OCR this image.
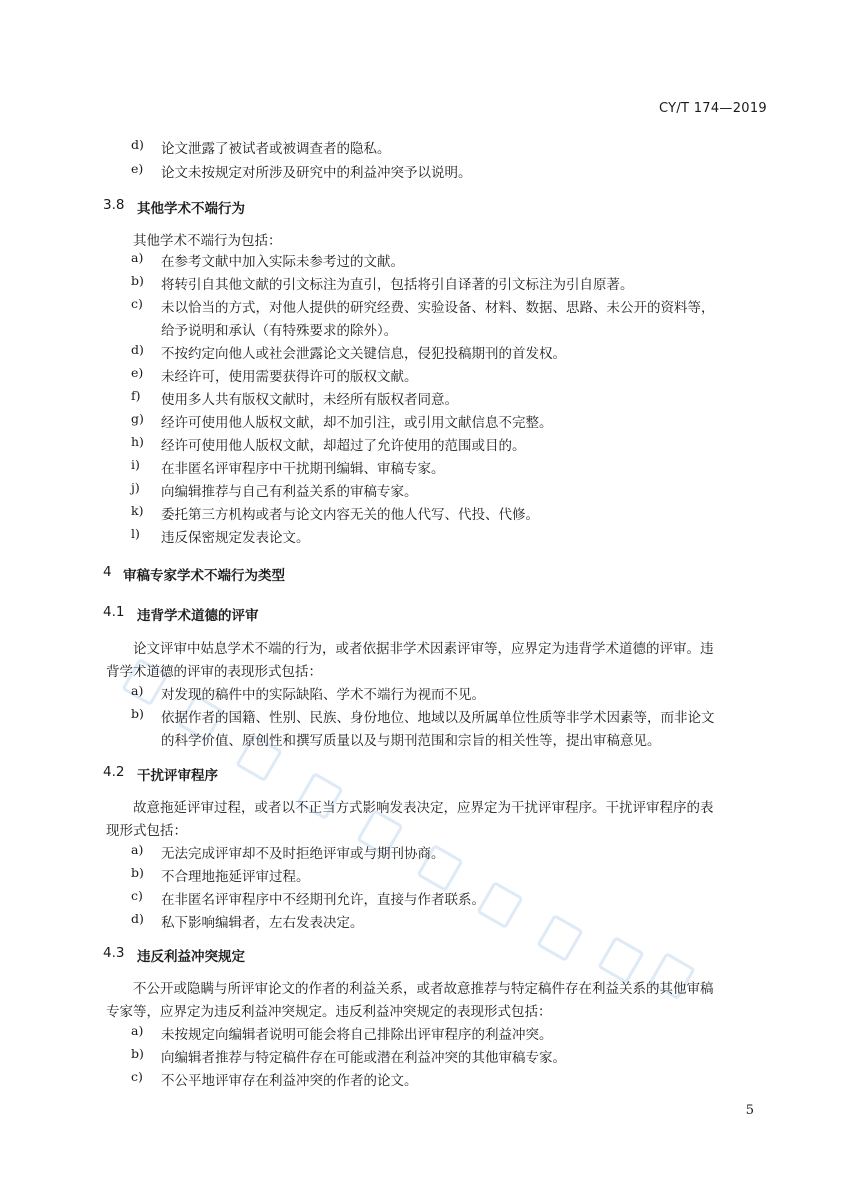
CY/T 174—2019
d)	论文泄露了被试者或被调查者的隐私。
e)	论文未按规定对所涉及研究中的利益冲突予以说明。
3.8 其他学术不端行为
其他学术不端行为包括：
a)	在参考文献中加入实际未参考过的文献。
b)	将转引自其他文献的引文标注为直引，包括将引自译著的引文标注为引自原著。
c)	未以恰当的方式，对他人提供的研究经费、实验设备、材料、数据、思路、未公开的资料等，
给予说明和承认（有特殊要求的除外）。
d)	不按约定向他人或社会泄露论文关键信息，侵犯投稿期刊的首发权。
e)	未经许可，使用需要获得许可的版权文献。
f)	使用多人共有版权文献时，未经所有版权者同意。
g)	经许可使用他人版权文献，却不加引注，或引用文献信息不完整。
h)	经许可使用他人版权文献，却超过了允许使用的范围或目的。
i)	在非匿名评审程序中干扰期刊编辑、审稿专家。
j)	向编辑推荐与自己有利益关系的审稿专家。
k)	委托第三方机构或者与论文内容无关的他人代写、代投、代修。
l)	违反保密规定发表论文。
4 审稿专家学术不端行为类型
4.1 违背学术道德的评审
论文评审中姑息学术不端的行为，或者依据非学术因素评审等，应界定为违背学术道德的评审。违
背学术道德的评审的表现形式包括：
a)	对发现的稿件中的实际缺陷、学术不端行为视而不见。
b)	依据作者的国籍、性别、民族、身份地位、地域以及所属单位性质等非学术因素等，而非论文
的科学价值、原创性和撰写质量以及与期刊范围和宗旨的相关性等，提出审稿意见。
4.2 干扰评审程序
故意拖延评审过程，或者以不正当方式影响发表决定，应界定为干扰评审程序。干扰评审程序的表
现形式包括：
a)	无法完成评审却不及时拒绝评审或与期刊协商。
b)	不合理地拖延评审过程。
c)	在非匿名评审程序中不经期刊允许，直接与作者联系。
d)	私下影响编辑者，左右发表决定。
4.3 违反利益冲突规定
不公开或隐瞒与所评审论文的作者的利益关系，或者故意推荐与特定稿件存在利益关系的其他审稿
专家等，应界定为违反利益冲突规定。违反利益冲突规定的表现形式包括：
a)	未按规定向编辑者说明可能会将自己排除出评审程序的利益冲突。
b)	向编辑者推荐与特定稿件存在可能或潜在利益冲突的其他审稿专家。
c)	不公平地评审存在利益冲突的作者的论文。
5
